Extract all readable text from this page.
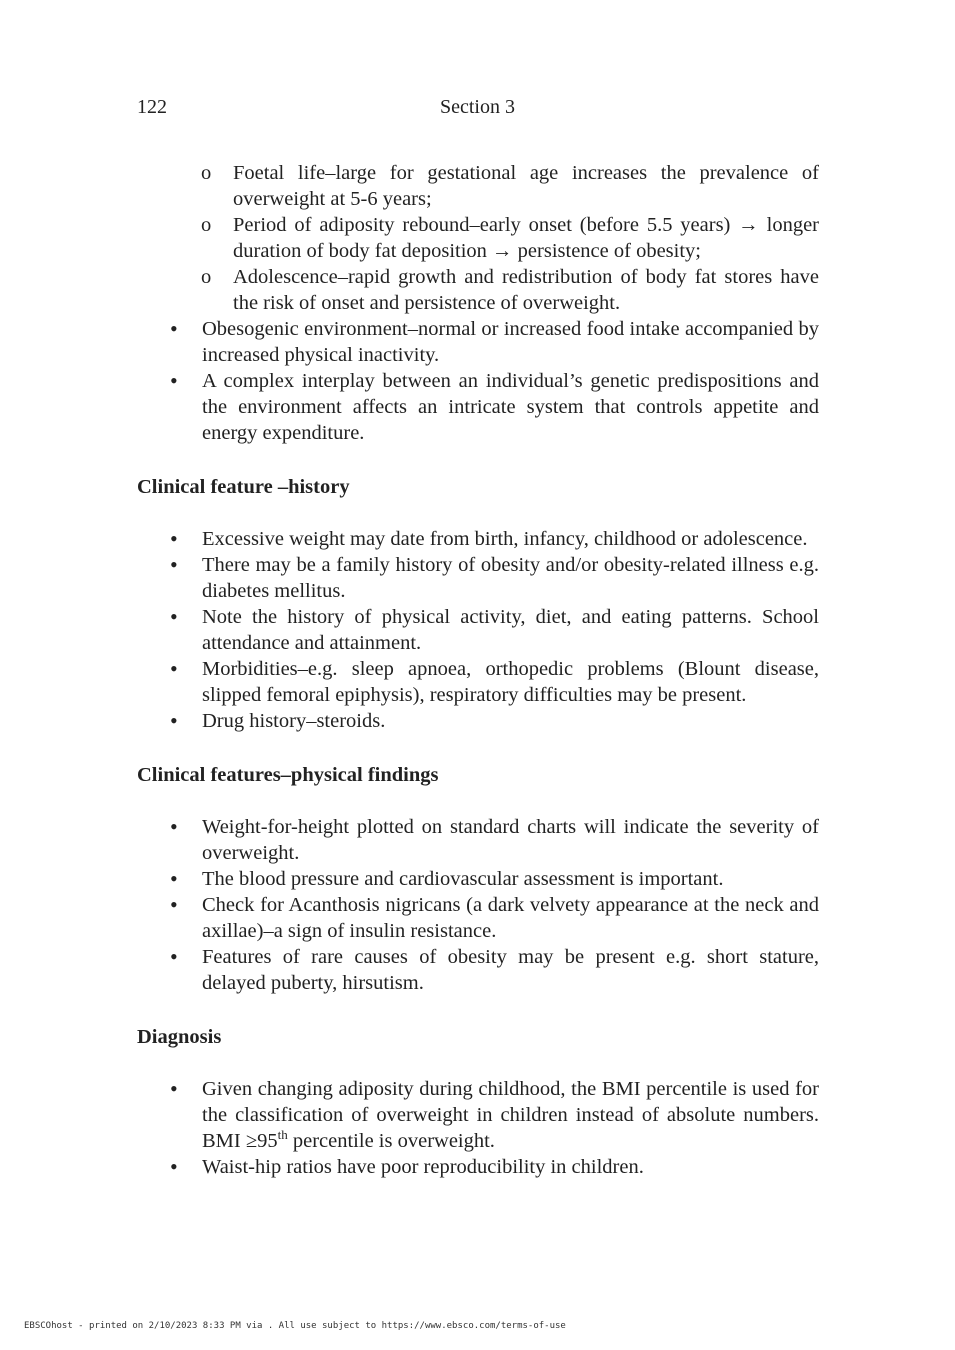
122	Section 3
o Foetal life–large for gestational age increases the prevalence of overweight at 5-6 years;
o Period of adiposity rebound–early onset (before 5.5 years) → longer duration of body fat deposition → persistence of obesity;
o Adolescence–rapid growth and redistribution of body fat stores have the risk of onset and persistence of overweight.
• Obesogenic environment–normal or increased food intake accompanied by increased physical inactivity.
• A complex interplay between an individual’s genetic predispositions and the environment affects an intricate system that controls appetite and energy expenditure.
Clinical feature –history
• Excessive weight may date from birth, infancy, childhood or adolescence.
• There may be a family history of obesity and/or obesity-related illness e.g. diabetes mellitus.
• Note the history of physical activity, diet, and eating patterns. School attendance and attainment.
• Morbidities–e.g. sleep apnoea, orthopedic problems (Blount disease, slipped femoral epiphysis), respiratory difficulties may be present.
• Drug history–steroids.
Clinical features–physical findings
• Weight-for-height plotted on standard charts will indicate the severity of overweight.
• The blood pressure and cardiovascular assessment is important.
• Check for Acanthosis nigricans (a dark velvety appearance at the neck and axillae)–a sign of insulin resistance.
• Features of rare causes of obesity may be present e.g. short stature, delayed puberty, hirsutism.
Diagnosis
• Given changing adiposity during childhood, the BMI percentile is used for the classification of overweight in children instead of absolute numbers. BMI ≥95th percentile is overweight.
• Waist-hip ratios have poor reproducibility in children.
EBSCOhost - printed on 2/10/2023 8:33 PM via . All use subject to https://www.ebsco.com/terms-of-use
